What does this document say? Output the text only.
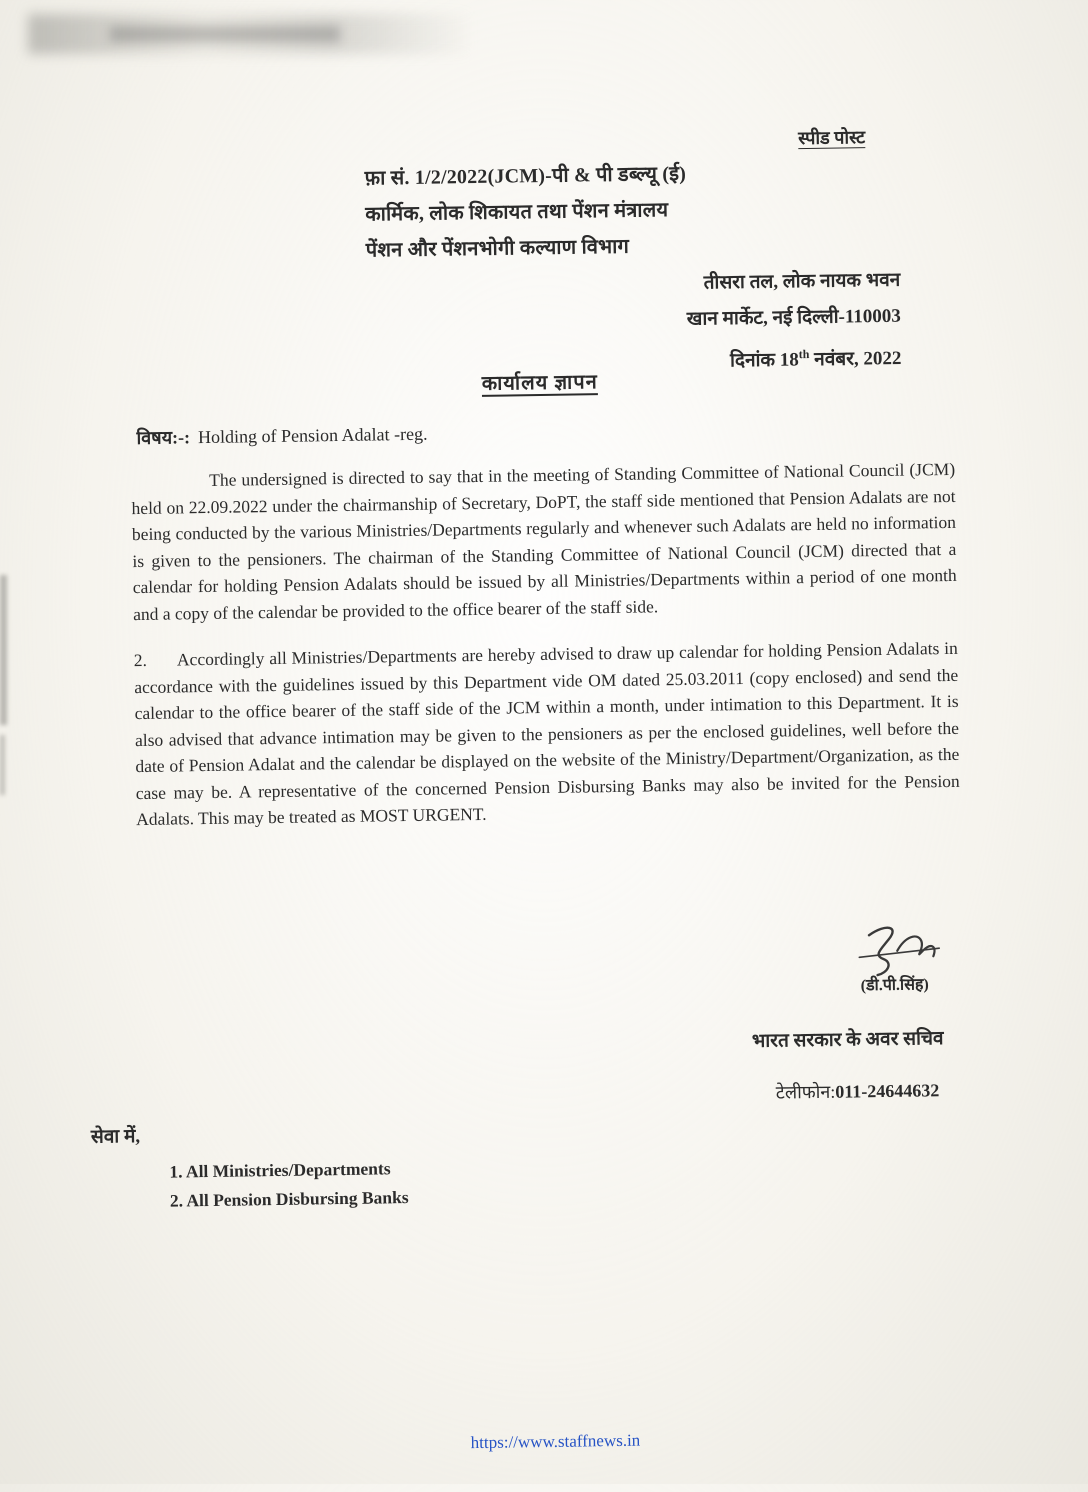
स्पीड पोस्ट
फ़ा सं. 1/2/2022(JCM)-पी & पी डब्ल्यू (ई)
कार्मिक, लोक शिकायत तथा पेंशन मंत्रालय
पेंशन और पेंशनभोगी कल्याण विभाग
तीसरा तल, लोक नायक भवन
खान मार्केट, नई दिल्ली-110003
दिनांक 18th नवंबर, 2022
कार्यालय ज्ञापन
विषय:-: Holding of Pension Adalat -reg.

The undersigned is directed to say that in the meeting of Standing Committee of National Council (JCM) held on 22.09.2022 under the chairmanship of Secretary, DoPT, the staff side mentioned that Pension Adalats are not being conducted by the various Ministries/Departments regularly and whenever such Adalats are held no information is given to the pensioners. The chairman of the Standing Committee of National Council (JCM) directed that a calendar for holding Pension Adalats should be issued by all Ministries/Departments within a period of one month and a copy of the calendar be provided to the office bearer of the staff side.

2. Accordingly all Ministries/Departments are hereby advised to draw up calendar for holding Pension Adalats in accordance with the guidelines issued by this Department vide OM dated 25.03.2011 (copy enclosed) and send the calendar to the office bearer of the staff side of the JCM within a month, under intimation to this Department. It is also advised that advance intimation may be given to the pensioners as per the enclosed guidelines, well before the date of Pension Adalat and the calendar be displayed on the website of the Ministry/Department/Organization, as the case may be. A representative of the concerned Pension Disbursing Banks may also be invited for the Pension Adalats. This may be treated as MOST URGENT.

(डी.पी.सिंह)
भारत सरकार के अवर सचिव
टेलीफोन:011-24644632
सेवा में,
1. All Ministries/Departments
2. All Pension Disbursing Banks
https://www.staffnews.in
